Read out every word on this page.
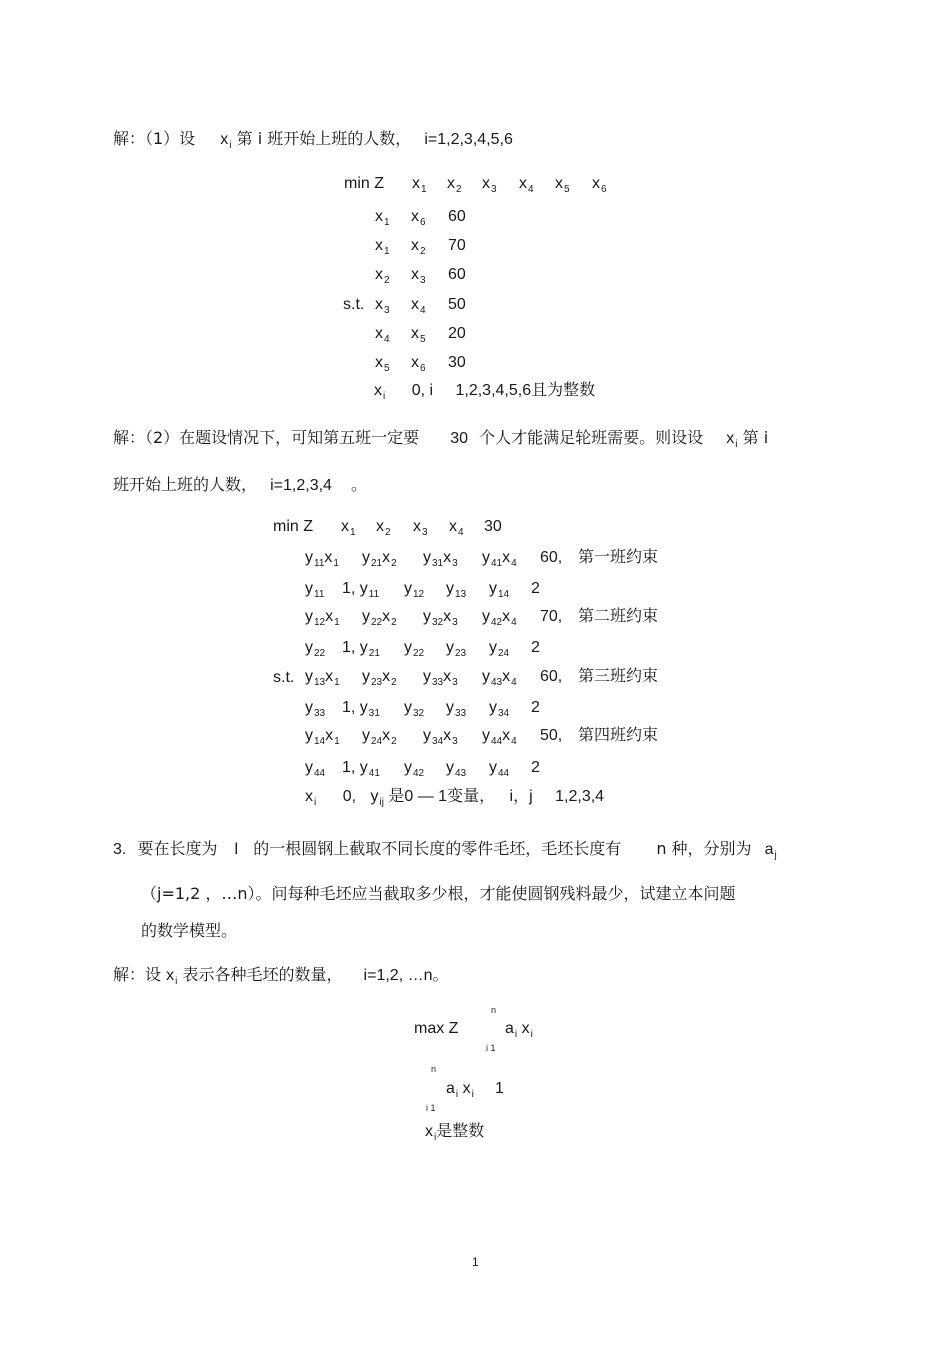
解：（1）设 $x_i$ 第 i 班开始上班的人数， i=1,2,3,4,5,6
min Z $x_1$ $x_2$ $x_3$ $x_4$ $x_5$ $x_6$
s.t.
$x_1$ $x_6$ 60
$x_1$ $x_2$ 70
$x_2$ $x_3$ 60
$x_3$ $x_4$ 50
$x_4$ $x_5$ 20
$x_5$ $x_6$ 30
$x_i$ 0, i 1,2,3,4,5,6且为整数
解：（2）在题设情况下，可知第五班一定要 30 个人才能满足轮班需要。则设设 $x_i$ 第 i
班开始上班的人数， i=1,2,3,4 。
min Z $x_1$ $x_2$ $x_3$ $x_4$ 30
s.t.
$y_{11}x_1$ $y_{21}x_2$ $y_{31}x_3$ $y_{41}x_4$ 60, 第一班约束
$y_{11}$ 1, $y_{11}$ $y_{12}$ $y_{13}$ $y_{14}$ 2
$y_{12}x_1$ $y_{22}x_2$ $y_{32}x_3$ $y_{42}x_4$ 70, 第二班约束
$y_{22}$ 1, $y_{21}$ $y_{22}$ $y_{23}$ $y_{24}$ 2
$y_{13}x_1$ $y_{23}x_2$ $y_{33}x_3$ $y_{43}x_4$ 60, 第三班约束
$y_{33}$ 1, $y_{31}$ $y_{32}$ $y_{33}$ $y_{34}$ 2
$y_{14}x_1$ $y_{24}x_2$ $y_{34}x_3$ $y_{44}x_4$ 50, 第四班约束
$y_{44}$ 1, $y_{41}$ $y_{42}$ $y_{43}$ $y_{44}$ 2
$x_i$ 0, $y_{ij}$ 是0 — 1变量， i，j 1,2,3,4
3. 要在长度为 l 的一根圆钢上截取不同长度的零件毛坯，毛坯长度有 n 种，分别为 $a_j$
（j=1,2 ，…n）。问每种毛坯应当截取多少根，才能使圆钢残料最少，试建立本问题
的数学模型。
解：设 $x_i$ 表示各种毛坯的数量， i=1,2, …n。
max Z
n
i 1
$a_i$ $x_i$
n
i 1
$a_i$ $x_i$ 1
$x_i$是整数
1
